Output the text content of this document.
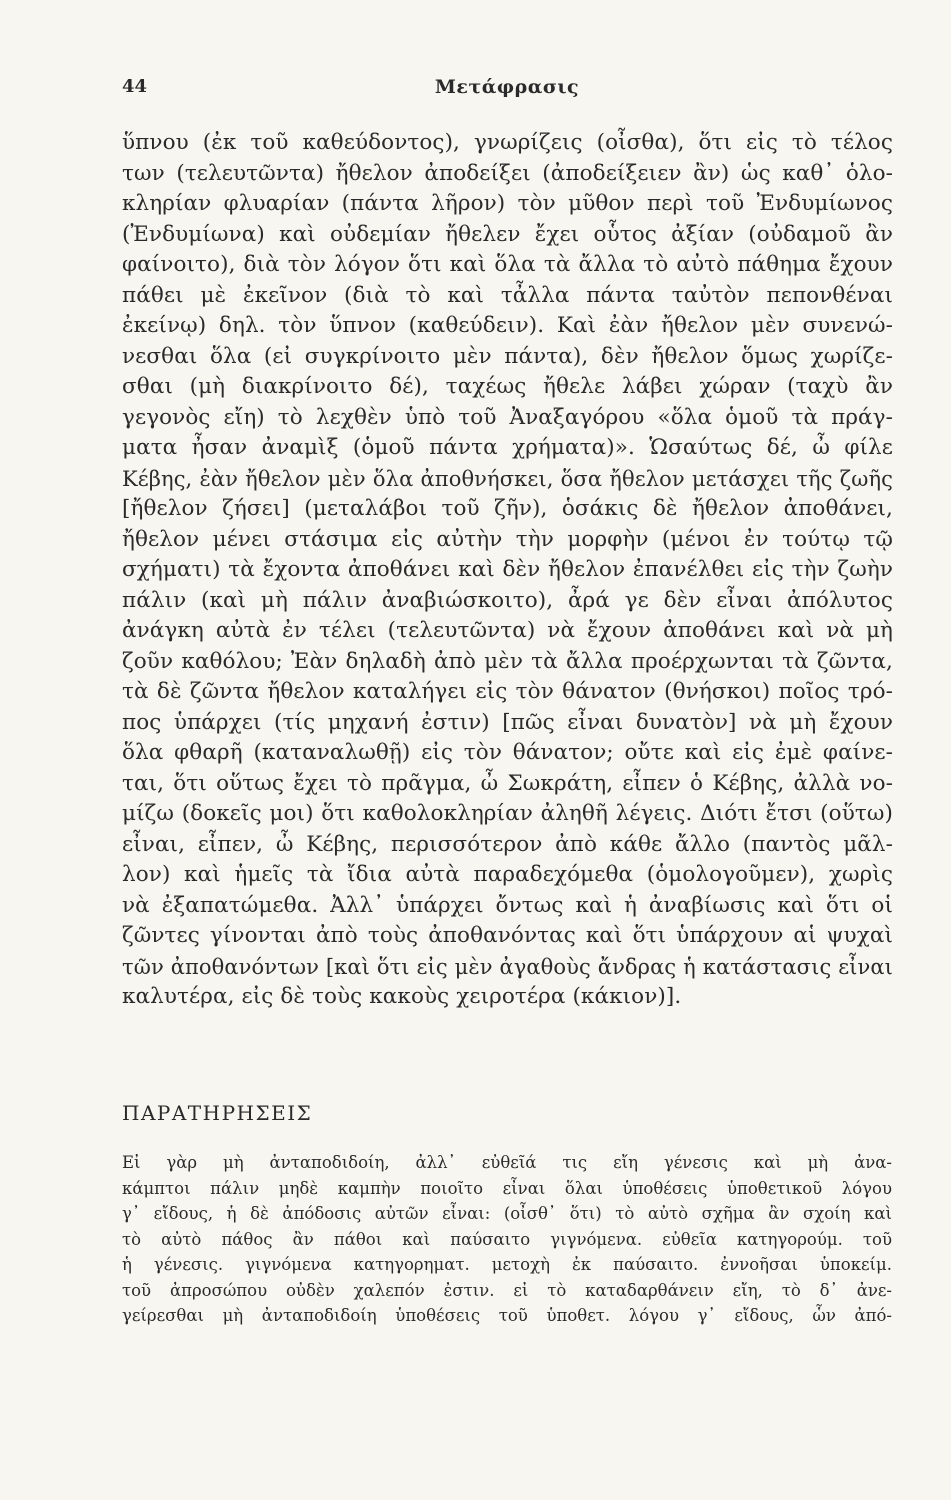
44	Μετάφρασις
ὕπνου (ἐκ τοῦ καθεύδοντος), γνωρίζεις (οἶσθα), ὅτι εἰς τὸ τέλος
των (τελευτῶντα) ἤθελον ἀποδείξει (ἀποδείξειεν ἂν) ὡς καθ᾽ ὁλο-
κληρίαν φλυαρίαν (πάντα λῆρον) τὸν μῦθον περὶ τοῦ Ἐνδυμίωνος
(Ἐνδυμίωνα) καὶ οὐδεμίαν ἤθελεν ἔχει οὗτος ἀξίαν (οὐδαμοῦ ἂν
φαίνοιτο), διὰ τὸν λόγον ὅτι καὶ ὅλα τὰ ἄλλα τὸ αὐτὸ πάθημα ἔχουν
πάθει μὲ ἐκεῖνον (διὰ τὸ καὶ τἆλλα πάντα ταὐτὸν πεπονθέναι
ἐκείνῳ) δηλ. τὸν ὕπνον (καθεύδειν). Καὶ ἐὰν ἤθελον μὲν συνενώ-
νεσθαι ὅλα (εἰ συγκρίνοιτο μὲν πάντα), δὲν ἤθελον ὅμως χωρίζε-
σθαι (μὴ διακρίνοιτο δέ), ταχέως ἤθελε λάβει χώραν (ταχὺ ἂν
γεγονὸς εἴη) τὸ λεχθὲν ὑπὸ τοῦ Ἀναξαγόρου «ὅλα ὁμοῦ τὰ πράγ-
ματα ἦσαν ἀναμὶξ (ὁμοῦ πάντα χρήματα)». Ὡσαύτως δέ, ὦ φίλε
Κέβης, ἐὰν ἤθελον μὲν ὅλα ἀποθνήσκει, ὅσα ἤθελον μετάσχει τῆς ζωῆς
[ἤθελον ζήσει] (μεταλάβοι τοῦ ζῆν), ὁσάκις δὲ ἤθελον ἀποθάνει,
ἤθελον μένει στάσιμα εἰς αὐτὴν τὴν μορφὴν (μένοι ἐν τούτῳ τῷ
σχήματι) τὰ ἔχοντα ἀποθάνει καὶ δὲν ἤθελον ἐπανέλθει εἰς τὴν ζωὴν
πάλιν (καὶ μὴ πάλιν ἀναβιώσκοιτο), ἆρά γε δὲν εἶναι ἀπόλυτος
ἀνάγκη αὐτὰ ἐν τέλει (τελευτῶντα) νὰ ἔχουν ἀποθάνει καὶ νὰ μὴ
ζοῦν καθόλου; Ἐὰν δηλαδὴ ἀπὸ μὲν τὰ ἄλλα προέρχωνται τὰ ζῶντα,
τὰ δὲ ζῶντα ἤθελον καταλήγει εἰς τὸν θάνατον (θνήσκοι) ποῖος τρό-
πος ὑπάρχει (τίς μηχανή ἐστιν) [πῶς εἶναι δυνατὸν] νὰ μὴ ἔχουν
ὅλα φθαρῆ (καταναλωθῇ) εἰς τὸν θάνατον; οὔτε καὶ εἰς ἐμὲ φαίνε-
ται, ὅτι οὕτως ἔχει τὸ πρᾶγμα, ὦ Σωκράτη, εἶπεν ὁ Κέβης, ἀλλὰ νο-
μίζω (δοκεῖς μοι) ὅτι καθολοκληρίαν ἀληθῆ λέγεις. Διότι ἔτσι (οὕτω)
εἶναι, εἶπεν, ὦ Κέβης, περισσότερον ἀπὸ κάθε ἄλλο (παντὸς μᾶλ-
λον) καὶ ἡμεῖς τὰ ἴδια αὐτὰ παραδεχόμεθα (ὁμολογοῦμεν), χωρὶς
νὰ ἐξαπατώμεθα. Ἀλλ᾽ ὑπάρχει ὄντως καὶ ἡ ἀναβίωσις καὶ ὅτι οἱ
ζῶντες γίνονται ἀπὸ τοὺς ἀποθανόντας καὶ ὅτι ὑπάρχουν αἱ ψυχαὶ
τῶν ἀποθανόντων [καὶ ὅτι εἰς μὲν ἀγαθοὺς ἄνδρας ἡ κατάστασις εἶναι
καλυτέρα, εἰς δὲ τοὺς κακοὺς χειροτέρα (κάκιον)].
ΠΑΡΑΤΗΡΗΣΕΙΣ
Εἰ γὰρ μὴ ἀνταποδιδοίη, ἀλλ᾽ εὐθεῖά τις εἴη γένεσις καὶ μὴ ἀνα-
κάμπτοι πάλιν μηδὲ καμπὴν ποιοῖτο εἶναι ὅλαι ὑποθέσεις ὑποθετικοῦ λόγου
γ᾽ εἴδους, ἡ δὲ ἀπόδοσις αὐτῶν εἶναι: (οἶσθ᾽ ὅτι) τὸ αὐτὸ σχῆμα ἂν σχοίη καὶ
τὸ αὐτὸ πάθος ἂν πάθοι καὶ παύσαιτο γιγνόμενα. εὐθεῖα κατηγορούμ. τοῦ
ἡ γένεσις. γιγνόμενα κατηγορηματ. μετοχὴ ἐκ παύσαιτο. ἐννοῆσαι ὑποκείμ.
τοῦ ἀπροσώπου οὐδὲν χαλεπόν ἐστιν. εἰ τὸ καταδαρθάνειν εἴη, τὸ δ᾽ ἀνε-
γείρεσθαι μὴ ἀνταποδιδοίη ὑποθέσεις τοῦ ὑποθετ. λόγου γ᾽ εἴδους, ὧν ἀπό-
